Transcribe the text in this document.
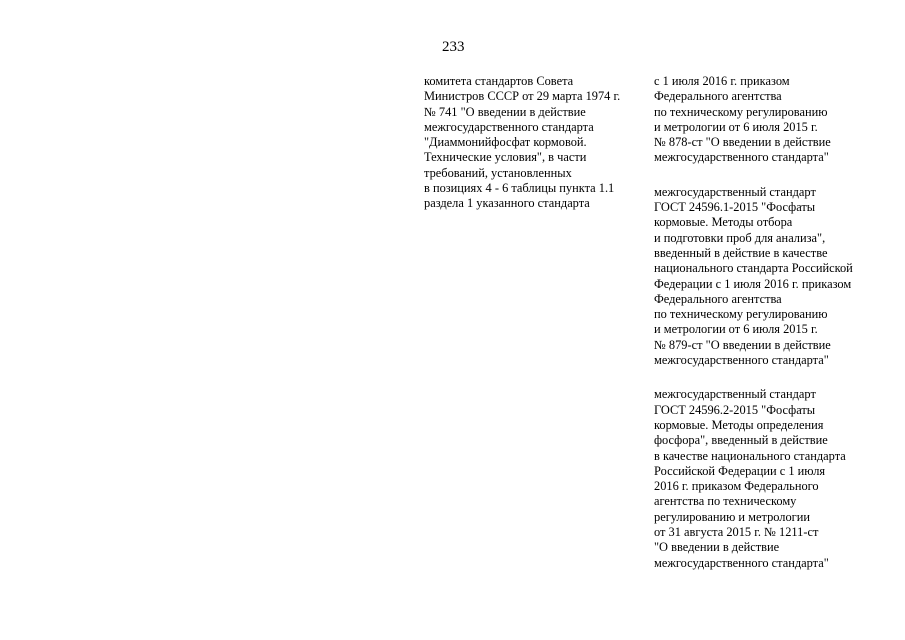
233
комитета стандартов Совета
Министров СССР от 29 марта 1974 г.
№ 741 "О введении в действие
межгосударственного стандарта
"Диаммонийфосфат кормовой.
Технические условия", в части
требований, установленных
в позициях 4 - 6 таблицы пункта 1.1
раздела 1 указанного стандарта
с 1 июля 2016 г. приказом
Федерального агентства
по техническому регулированию
и метрологии от 6 июля 2015 г.
№ 878-ст "О введении в действие
межгосударственного стандарта"
межгосударственный стандарт
ГОСТ 24596.1-2015 "Фосфаты
кормовые. Методы отбора
и подготовки проб для анализа",
введенный в действие в качестве
национального стандарта Российской
Федерации с 1 июля 2016 г. приказом
Федерального агентства
по техническому регулированию
и метрологии от 6 июля 2015 г.
№ 879-ст "О введении в действие
межгосударственного стандарта"
межгосударственный стандарт
ГОСТ 24596.2-2015 "Фосфаты
кормовые. Методы определения
фосфора", введенный в действие
в качестве национального стандарта
Российской Федерации с 1 июля
2016 г. приказом Федерального
агентства по техническому
регулированию и метрологии
от 31 августа 2015 г. № 1211-ст
"О введении в действие
межгосударственного стандарта"
